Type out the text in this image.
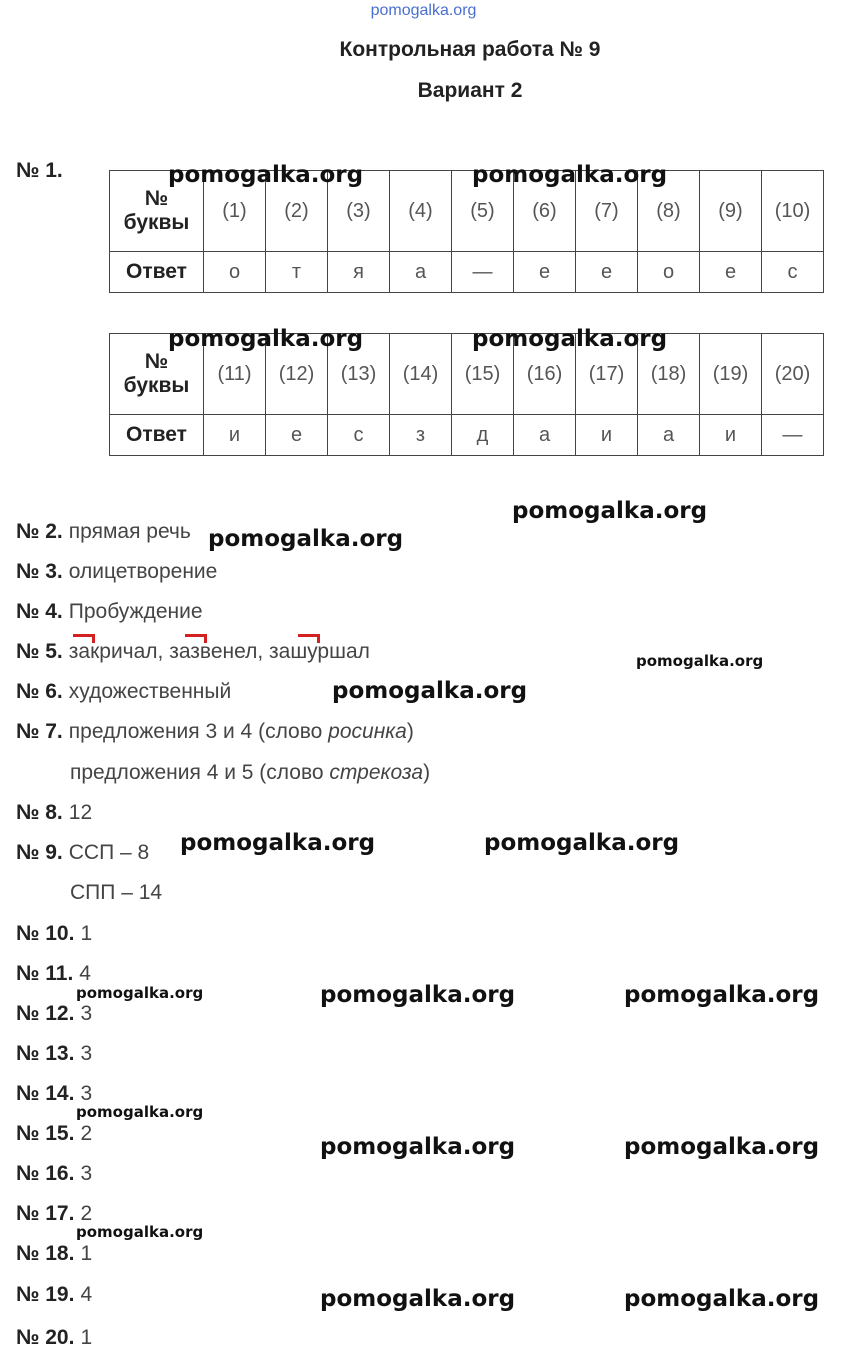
pomogalka.org
Контрольная работа № 9
Вариант 2
№ 1.
№
буквы	(1)	(2)	(3)	(4)	(5)	(6)	(7)	(8)	(9)	(10)
Ответ	о	т	я	а	—	е	е	о	е	с
№
буквы	(11)	(12)	(13)	(14)	(15)	(16)	(17)	(18)	(19)	(20)
Ответ	и	е	с	з	д	а	и	а	и	—
№ 2. прямая речь
№ 3. олицетворение
№ 4. Пробуждение
№ 5. закричал, зазвенел, зашуршал
№ 6. художественный
№ 7. предложения 3 и 4 (слово росинка)
предложения 4 и 5 (слово стрекоза)
№ 8. 12
№ 9. ССП – 8
СПП – 14
№ 10. 1
№ 11. 4
№ 12. 3
№ 13. 3
№ 14. 3
№ 15. 2
№ 16. 3
№ 17. 2
№ 18. 1
№ 19. 4
№ 20. 1
pomogalka.org	pomogalka.org
pomogalka.org	pomogalka.org
pomogalka.org
pomogalka.org
pomogalka.org
pomogalka.org
pomogalka.org	pomogalka.org
pomogalka.org	pomogalka.org	pomogalka.org
pomogalka.org
pomogalka.org	pomogalka.org
pomogalka.org
pomogalka.org	pomogalka.org
